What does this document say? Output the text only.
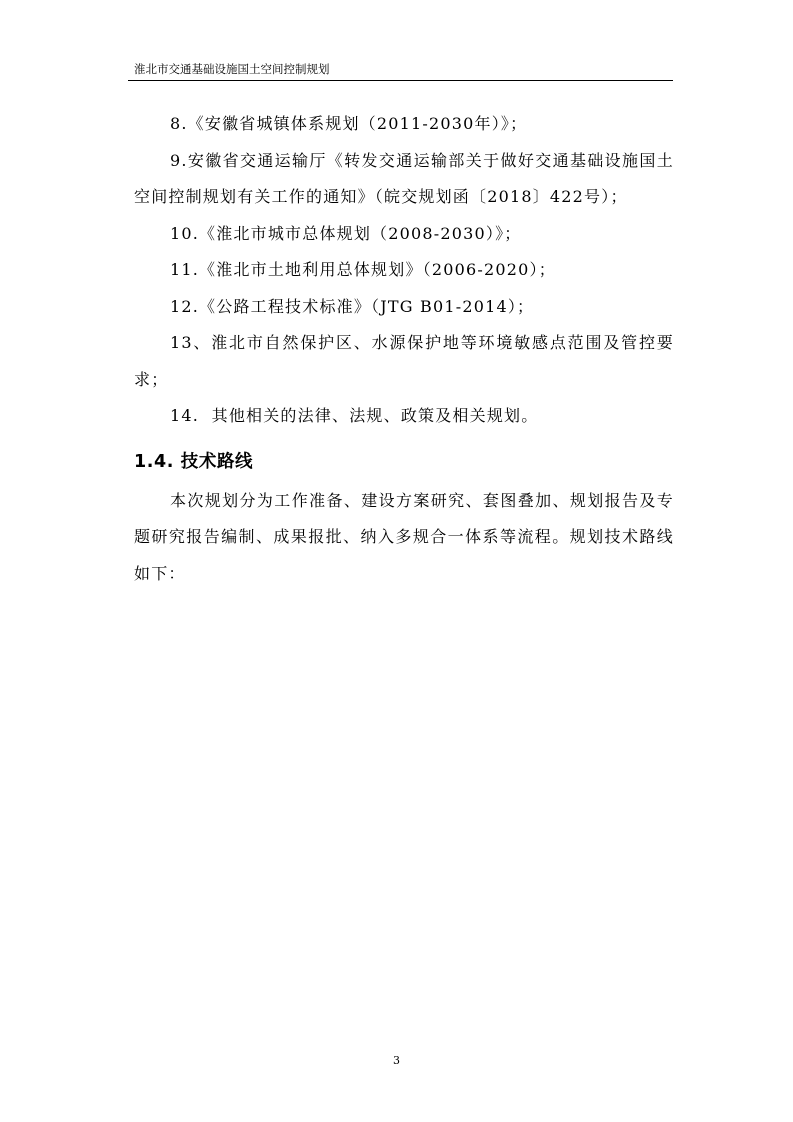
淮北市交通基础设施国土空间控制规划

8.《安徽省城镇体系规划（2011-2030年）》；

9.安徽省交通运输厅《转发交通运输部关于做好交通基础设施国土空间控制规划有关工作的通知》（皖交规划函〔2018〕422号）；

10.《淮北市城市总体规划（2008-2030）》；

11.《淮北市土地利用总体规划》（2006-2020）；

12.《公路工程技术标准》（JTG B01-2014）；

13、淮北市自然保护区、水源保护地等环境敏感点范围及管控要求；

14.  其他相关的法律、法规、政策及相关规划。

1.4. 技术路线

本次规划分为工作准备、建设方案研究、套图叠加、规划报告及专题研究报告编制、成果报批、纳入多规合一体系等流程。规划技术路线如下：

3
